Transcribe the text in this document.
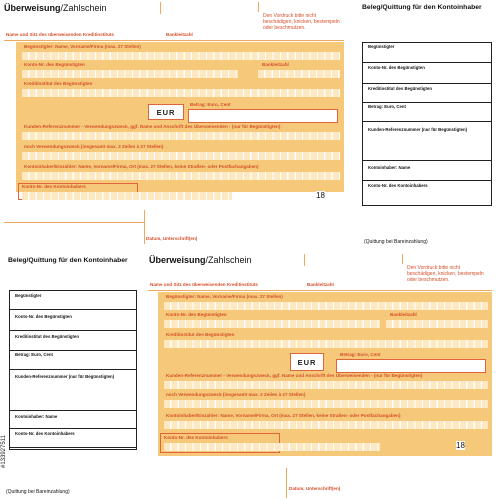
Überweisung/Zahlschein
Den Vordruck bitte nicht beschädigen, knicken, bestempeln oder beschmutzen.
Name und Sitz des überweisenden Kreditinstituts	Bankleitzahl
Begünstigter: Name, Vorname/Firma (max. 27 Stellen)
Konto-Nr. des Begünstigten	Bankleitzahl
Kreditinstitut des Begünstigten
EUR
Betrag: Euro, Cent
Kunden-Referenznummer - Verwendungszweck, ggf. Name und Anschrift des Überweisenden - (nur für Begünstigten)
noch Verwendungszweck (insgesamt max. 2 Zeilen à 27 Stellen)
Kontoinhaber/Einzahler: Name, Vorname/Firma, Ort (max. 27 Stellen, keine Straßen- oder Postfachangaben)
Konto-Nr. des Kontoinhabers
18
Datum, Unterschrift(en)
Beleg/Quittung für den Kontoinhaber
Begünstigter
Konto-Nr. des Begünstigten
Kreditinstitut des Begünstigten
Betrag: Euro, Cent
Kunden-Referenznummer (nur für Begünstigten)
Kontoinhaber: Name
Konto-Nr. des Kontoinhabers
(Quittung bei Bareinzahlung)
Beleg/Quittung für den Kontoinhaber
Begünstigter
Konto-Nr. des Begünstigten
Kreditinstitut des Begünstigten
Betrag: Euro, Cent
Kunden-Referenznummer (nur für Begünstigten)
Kontoinhaber: Name
Konto-Nr. des Kontoinhabers
(Quittung bei Bareinzahlung)
Überweisung/Zahlschein
Den Vordruck bitte nicht beschädigen, knicken, bestempeln oder beschmutzen.
Name und Sitz des überweisenden Kreditinstituts	Bankleitzahl
Begünstigter: Name, Vorname/Firma (max. 27 Stellen)
Konto-Nr. des Begünstigten	Bankleitzahl
Kreditinstitut des Begünstigten
EUR
Betrag: Euro, Cent
Kunden-Referenznummer - Verwendungszweck, ggf. Name und Anschrift des Überweisenden - (nur für Begünstigten)
noch Verwendungszweck (insgesamt max. 2 Zeilen à 27 Stellen)
Kontoinhaber/Einzahler: Name, Vorname/Firma, Ort (max. 27 Stellen, keine Straßen- oder Postfachangaben)
Konto-Nr. des Kontoinhabers
18
Datum, Unterschrift(en)
#133927511
